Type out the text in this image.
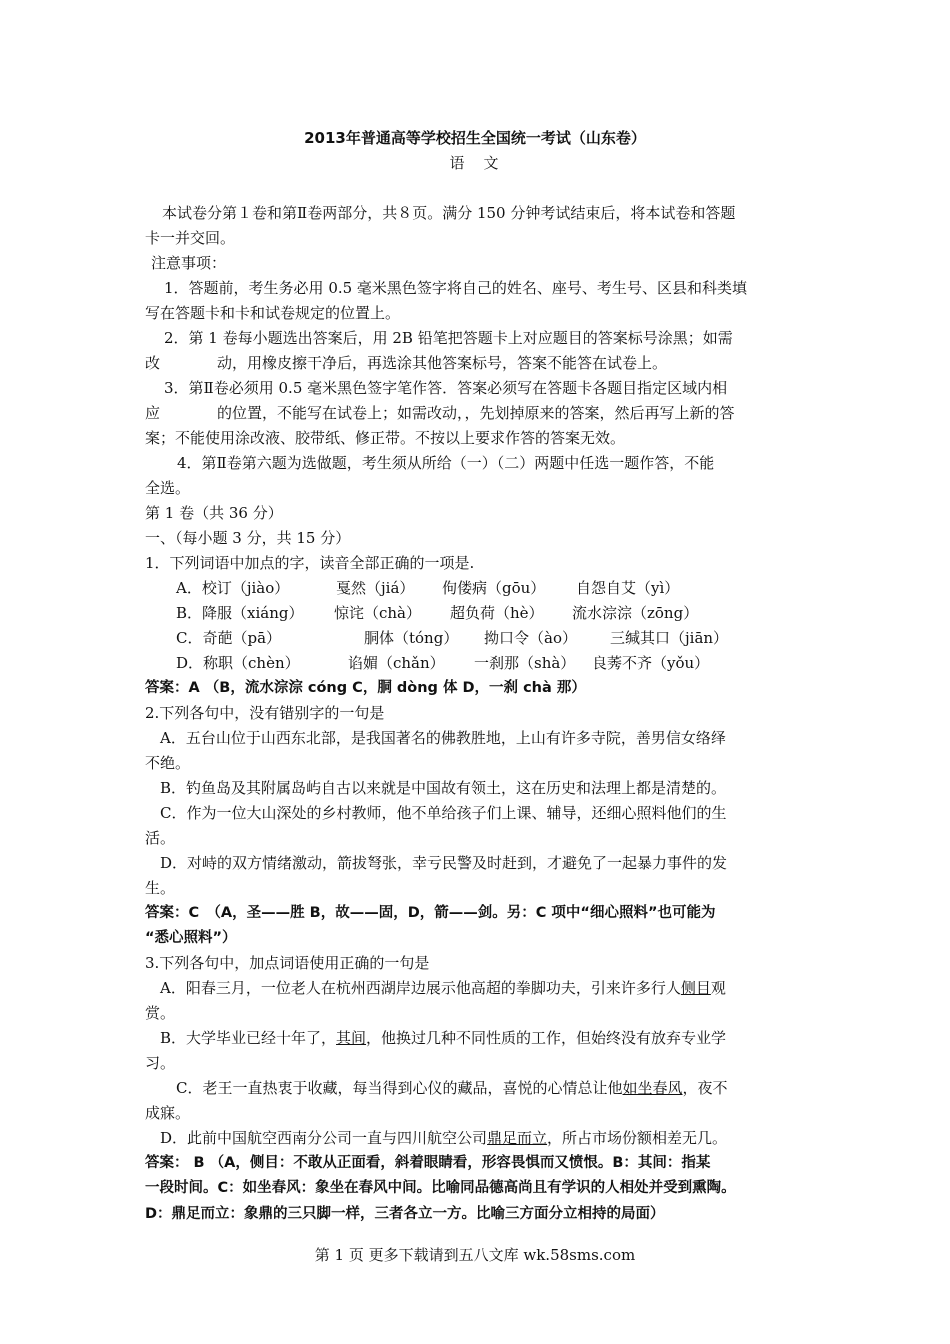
2013年普通高等学校招生全国统一考试（山东卷）
语　文
本试卷分第１卷和第Ⅱ卷两部分，共８页。满分 150 分钟考试结束后，将本试卷和答题
卡一并交回。
注意事项：
1．答题前，考生务必用 0.5 毫米黑色签字将自己的姓名、座号、考生号、区县和科类填
写在答题卡和卡和试卷规定的位置上。
2．第 1 卷每小题选出答案后，用 2B 铅笔把答题卡上对应题目的答案标号涂黑；如需
改	动，用橡皮擦干净后，再选涂其他答案标号，答案不能答在试卷上。
3．第Ⅱ卷必须用 0.5 毫米黑色签字笔作答．答案必须写在答题卡各题目指定区域内相
应	的位置，不能写在试卷上；如需改动，，先划掉原来的答案，然后再写上新的答
案；不能使用涂改液、胶带纸、修正带。不按以上要求作答的答案无效。
4．第Ⅱ卷第六题为选做题，考生须从所给（一）（二）两题中任选一题作答，不能
全选。
第 1 卷（共 36 分）
一、（每小题 3 分，共 15 分）
1．下列词语中加点的字，读音全部正确的一项是.
A．校订（jiào）	戛然（jiá） 佝偻病（gōu） 自怨自艾（yì）
B．降服（xiáng） 惊诧（chà） 超负荷（hè） 流水淙淙（zōng）
C．奇葩（pā）	胴体（tóng） 拗口令（ào） 三缄其口（jiān）
D．称职（chèn）	谄媚（chǎn） 一刹那（shà） 良莠不齐（yǒu）
答案：A （B，流水淙淙 cóng C，胴 dòng 体 D，一刹 chà 那）
2.下列各句中，没有错别字的一句是
A．五台山位于山西东北部，是我国著名的佛教胜地，上山有许多寺院，善男信女络绎
不绝。
B．钓鱼岛及其附属岛屿自古以来就是中国故有领土，这在历史和法理上都是清楚的。
C．作为一位大山深处的乡村教师，他不单给孩子们上课、辅导，还细心照料他们的生
活。
D．对峙的双方情绪激动，箭拔弩张，幸亏民警及时赶到，才避免了一起暴力事件的发
生。
答案：C　（A，圣——胜 B，故——固，D，箭——剑。另：C 项中“细心照料”也可能为
“悉心照料”）
3.下列各句中，加点词语使用正确的一句是
A．阳春三月，一位老人在杭州西湖岸边展示他高超的拳脚功夫，引来许多行人侧目观
赏。
B．大学毕业已经十年了，其间，他换过几种不同性质的工作，但始终没有放弃专业学
习。
C．老王一直热衷于收藏，每当得到心仪的藏品，喜悦的心情总让他如坐春风，夜不
成寐。
D．此前中国航空西南分公司一直与四川航空公司鼎足而立，所占市场份额相差无几。
答案： B （A，侧目：不敢从正面看，斜着眼睛看，形容畏惧而又愤恨。B：其间：指某
一段时间。C：如坐春风：象坐在春风中间。比喻同品德高尚且有学识的人相处并受到熏陶。
D：鼎足而立：象鼎的三只脚一样，三者各立一方。比喻三方面分立相持的局面）
第 1 页 更多下载请到五八文库 wk.58sms.com
